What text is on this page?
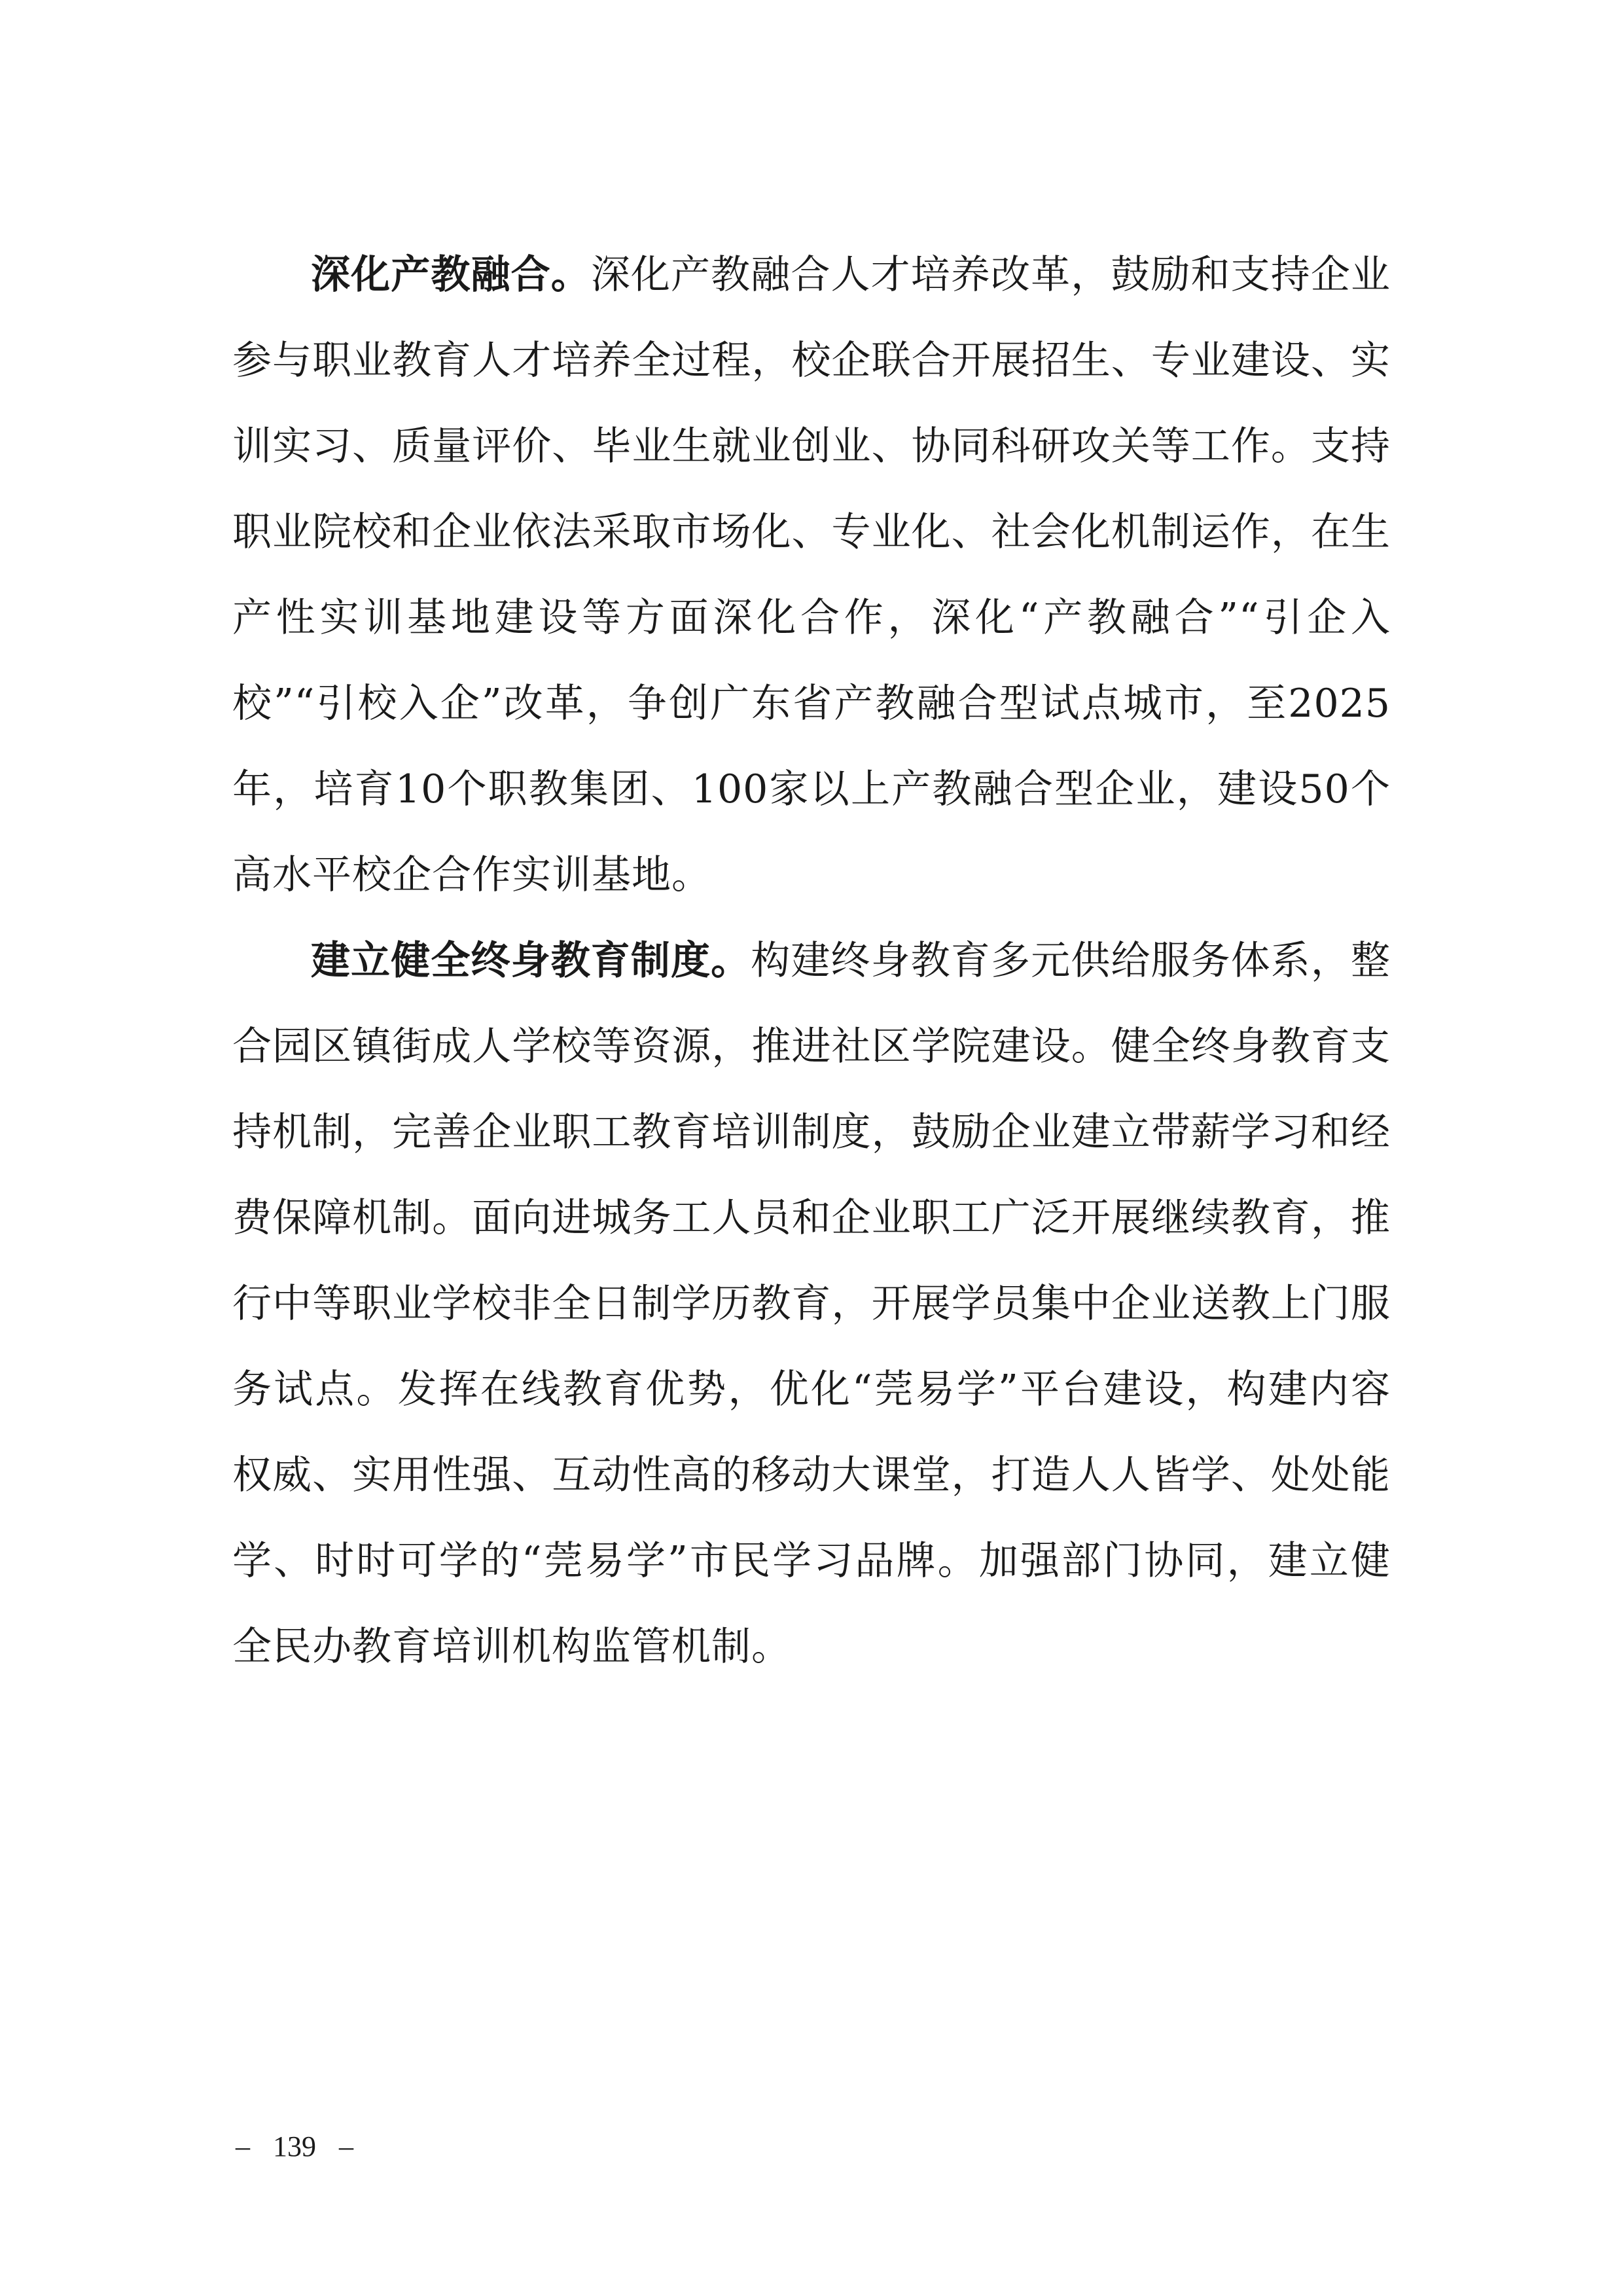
深化产教融合。深化产教融合人才培养改革，鼓励和支持企业参与职业教育人才培养全过程，校企联合开展招生、专业建设、实训实习、质量评价、毕业生就业创业、协同科研攻关等工作。支持职业院校和企业依法采取市场化、专业化、社会化机制运作，在生产性实训基地建设等方面深化合作，深化“产教融合”“引企入校”“引校入企”改革，争创广东省产教融合型试点城市，至2025年，培育10个职教集团、100家以上产教融合型企业，建设50个高水平校企合作实训基地。

建立健全终身教育制度。构建终身教育多元供给服务体系，整合园区镇街成人学校等资源，推进社区学院建设。健全终身教育支持机制，完善企业职工教育培训制度，鼓励企业建立带薪学习和经费保障机制。面向进城务工人员和企业职工广泛开展继续教育，推行中等职业学校非全日制学历教育，开展学员集中企业送教上门服务试点。发挥在线教育优势，优化“莞易学”平台建设，构建内容权威、实用性强、互动性高的移动大课堂，打造人人皆学、处处能学、时时可学的“莞易学”市民学习品牌。加强部门协同，建立健全民办教育培训机构监管机制。

– 139 –
